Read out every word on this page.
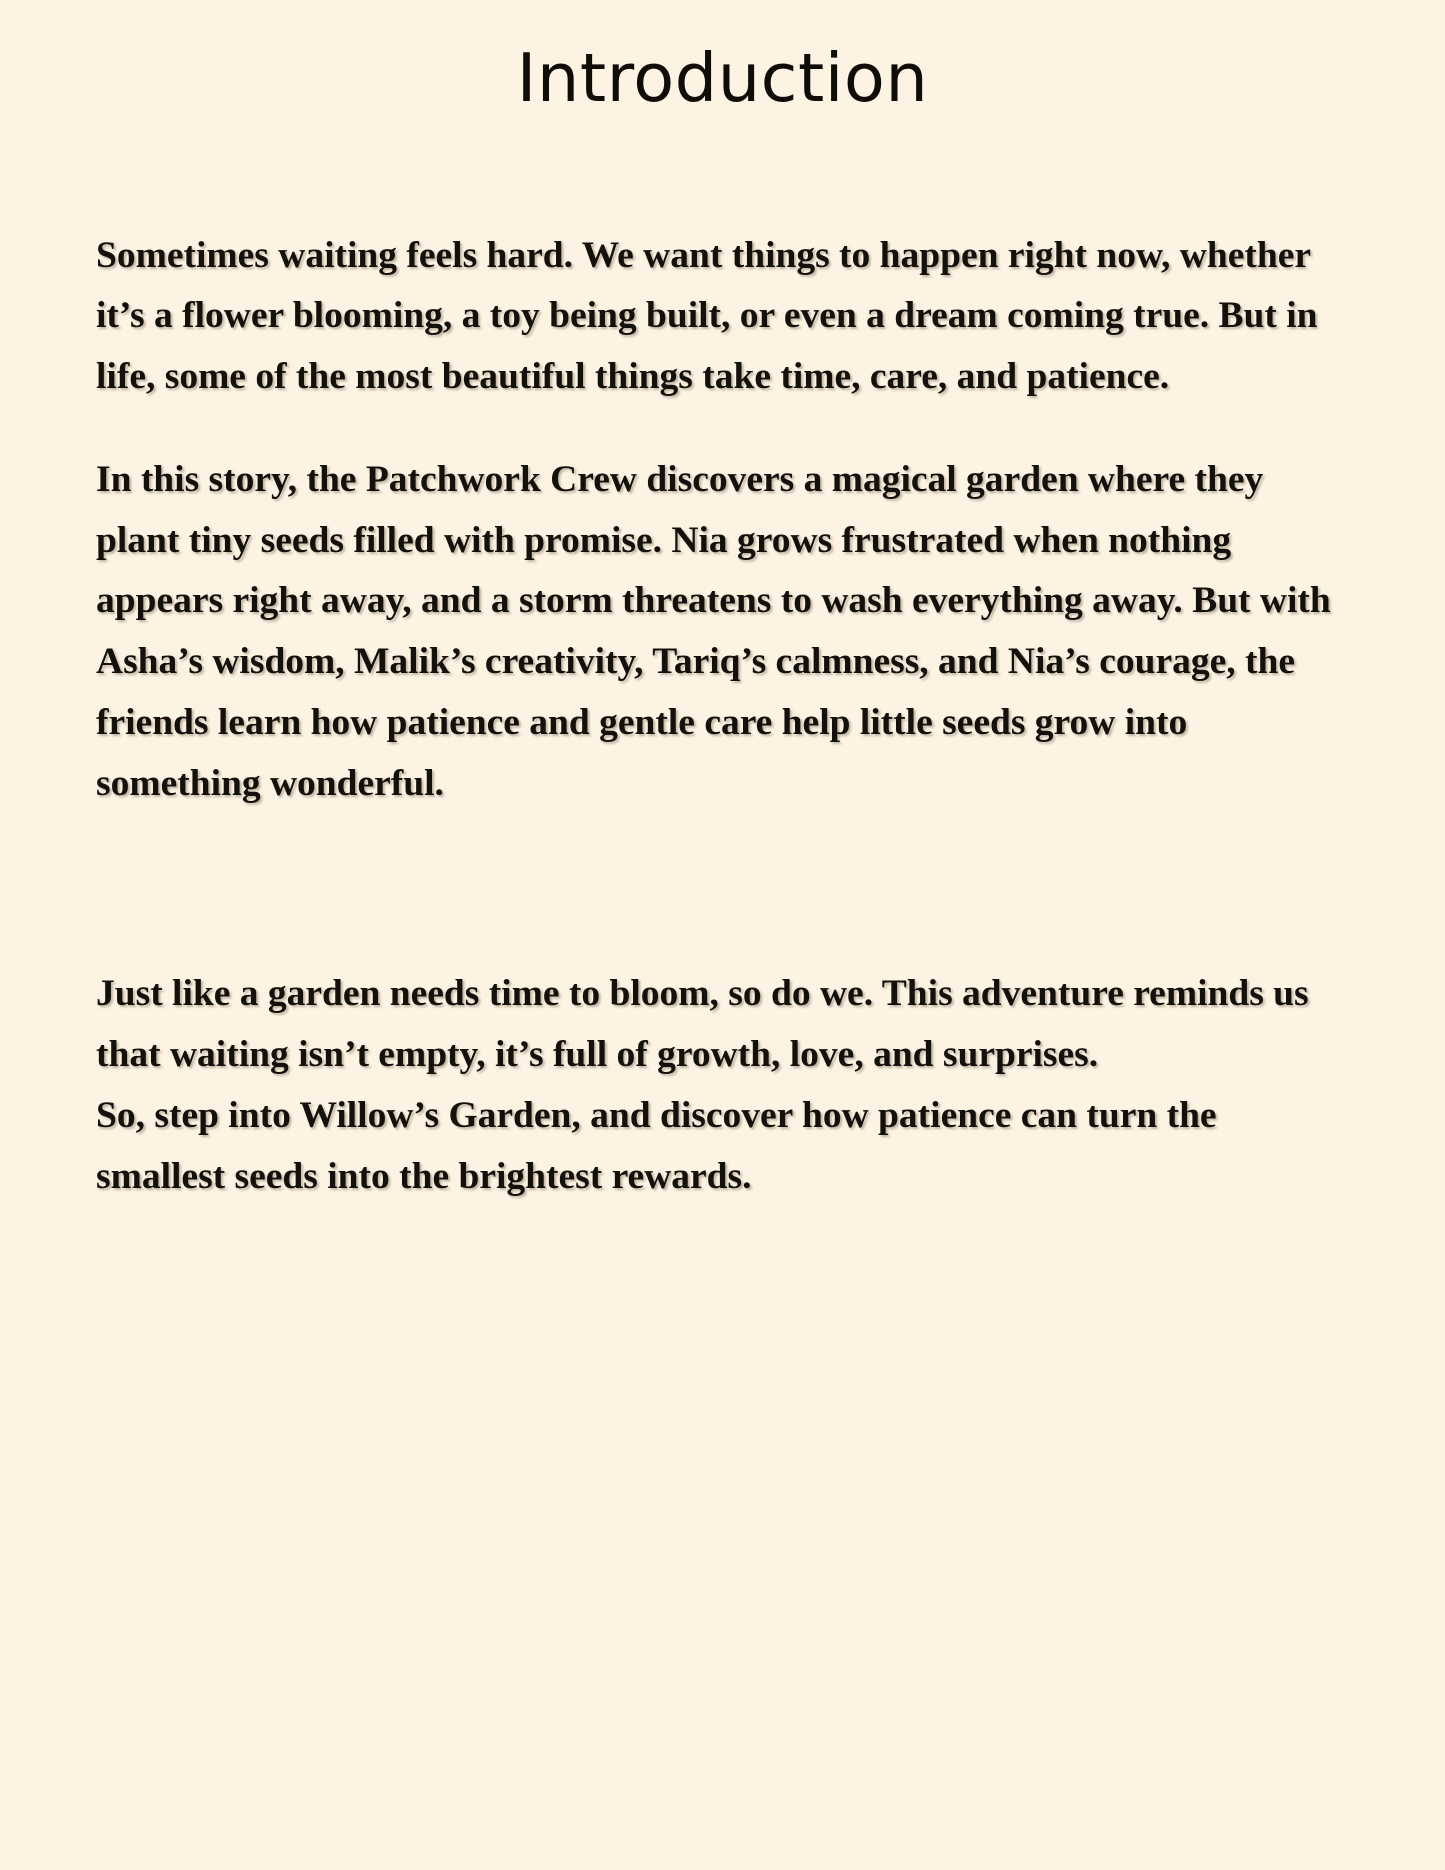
Introduction

Sometimes waiting feels hard. We want things to happen right now, whether it’s a flower blooming, a toy being built, or even a dream coming true. But in life, some of the most beautiful things take time, care, and patience.

In this story, the Patchwork Crew discovers a magical garden where they plant tiny seeds filled with promise. Nia grows frustrated when nothing appears right away, and a storm threatens to wash everything away. But with Asha’s wisdom, Malik’s creativity, Tariq’s calmness, and Nia’s courage, the friends learn how patience and gentle care help little seeds grow into something wonderful.

Just like a garden needs time to bloom, so do we. This adventure reminds us that waiting isn’t empty, it’s full of growth, love, and surprises.

So, step into Willow’s Garden, and discover how patience can turn the smallest seeds into the brightest rewards.
